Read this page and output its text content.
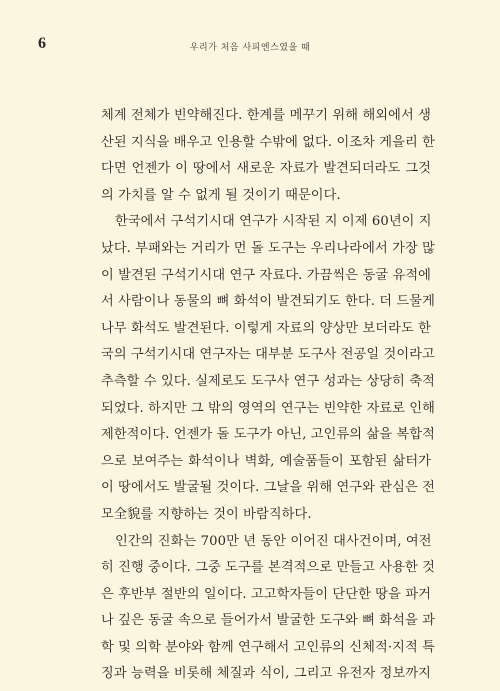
6	우리가 처음 사피엔스였을 때
체계 전체가 빈약해진다. 한계를 메꾸기 위해 해외에서 생
산된 지식을 배우고 인용할 수밖에 없다. 이조차 게을리 한
다면 언젠가 이 땅에서 새로운 자료가 발견되더라도 그것
의 가치를 알 수 없게 될 것이기 때문이다.
한국에서 구석기시대 연구가 시작된 지 이제 60년이 지
났다. 부패와는 거리가 먼 돌 도구는 우리나라에서 가장 많
이 발견된 구석기시대 연구 자료다. 가끔씩은 동굴 유적에
서 사람이나 동물의 뼈 화석이 발견되기도 한다. 더 드물게
나무 화석도 발견된다. 이렇게 자료의 양상만 보더라도 한
국의 구석기시대 연구자는 대부분 도구사 전공일 것이라고
추측할 수 있다. 실제로도 도구사 연구 성과는 상당히 축적
되었다. 하지만 그 밖의 영역의 연구는 빈약한 자료로 인해
제한적이다. 언젠가 돌 도구가 아닌, 고인류의 삶을 복합적
으로 보여주는 화석이나 벽화, 예술품들이 포함된 삶터가
이 땅에서도 발굴될 것이다. 그날을 위해 연구와 관심은 전
모全貌를 지향하는 것이 바람직하다.
인간의 진화는 700만 년 동안 이어진 대사건이며, 여전
히 진행 중이다. 그중 도구를 본격적으로 만들고 사용한 것
은 후반부 절반의 일이다. 고고학자들이 단단한 땅을 파거
나 깊은 동굴 속으로 들어가서 발굴한 도구와 뼈 화석을 과
학 및 의학 분야와 함께 연구해서 고인류의 신체적·지적 특
징과 능력을 비롯해 체질과 식이, 그리고 유전자 정보까지
